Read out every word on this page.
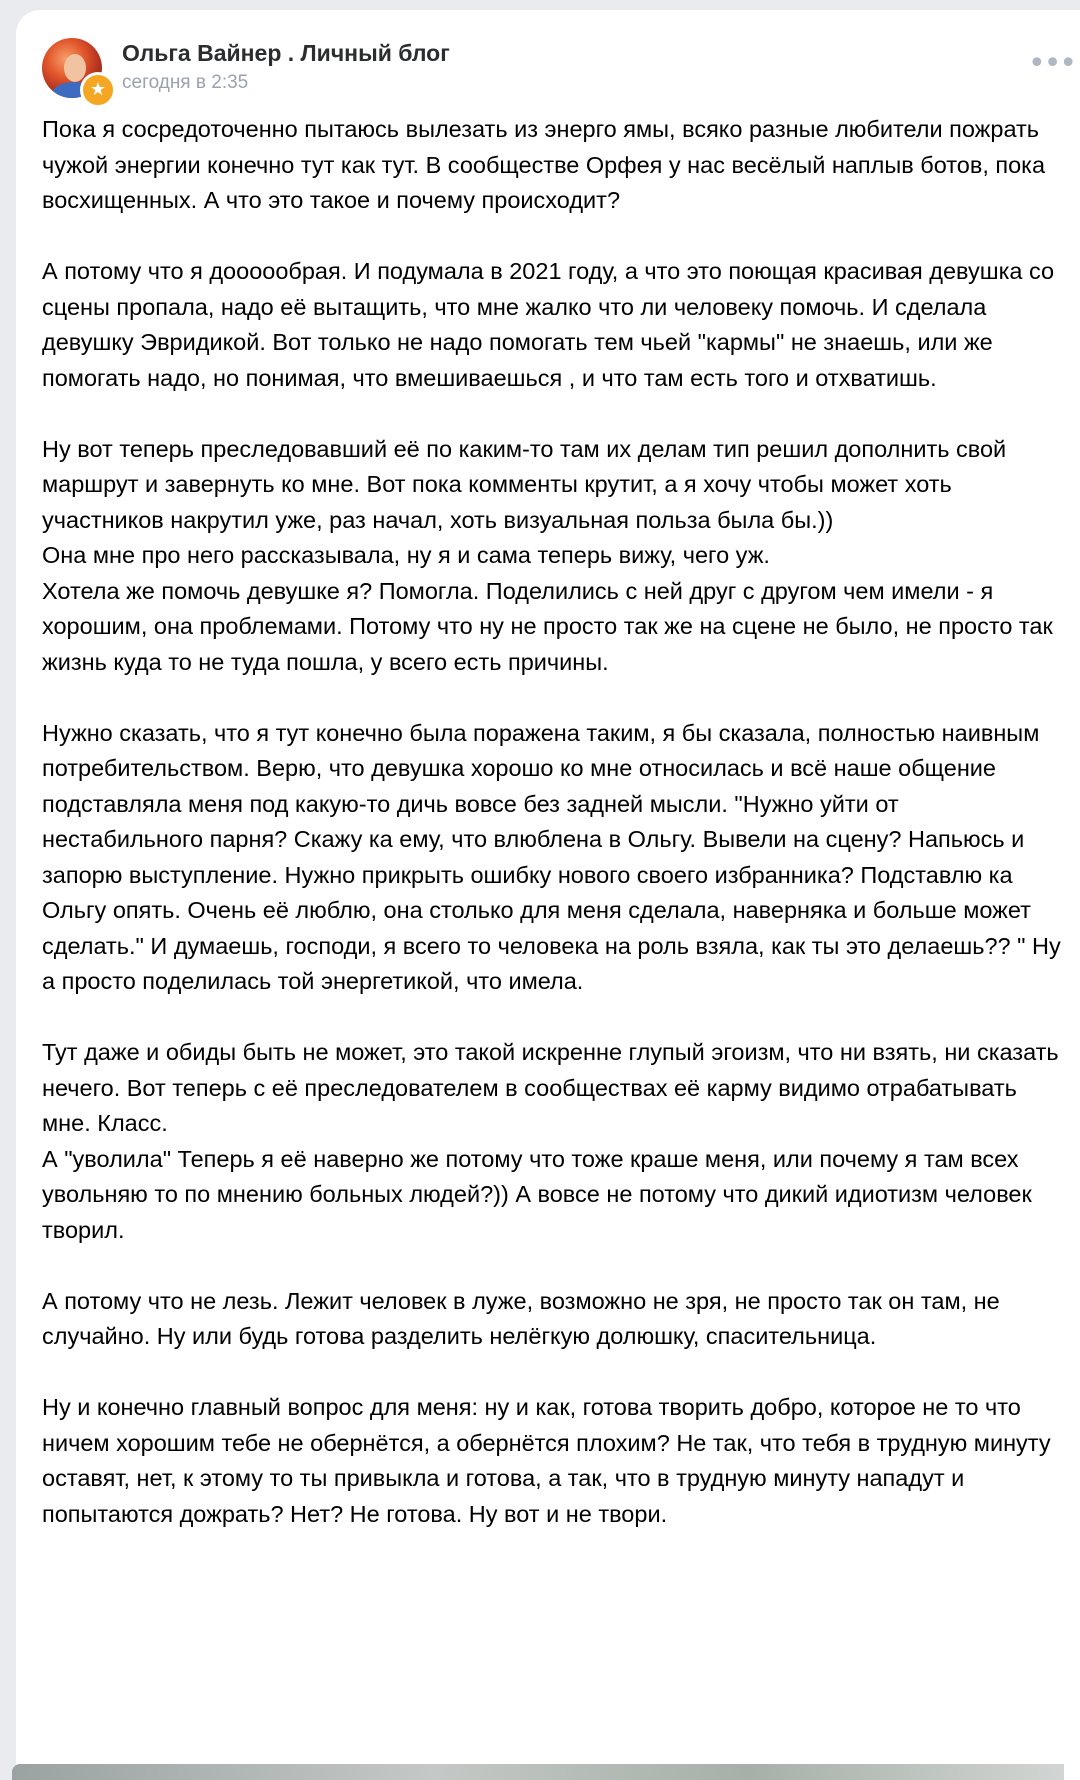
★
Ольга Вайнер . Личный блог
сегодня в 2:35
•••
Пока я сосредоточенно пытаюсь вылезать из энерго ямы, всяко разные любители пожрать чужой энергии конечно тут как тут. В сообществе Орфея у нас весёлый наплыв ботов, пока восхищенных. А что это такое и почему происходит?

А потому что я доооообрая. И подумала в 2021 году, а что это поющая красивая девушка со сцены пропала, надо её вытащить, что мне жалко что ли человеку помочь. И сделала девушку Эвридикой. Вот только не надо помогать тем чьей "кармы" не знаешь, или же помогать надо, но понимая, что вмешиваешься , и что там есть того и отхватишь.

Ну вот теперь преследовавший её по каким-то там их делам тип решил дополнить свой маршрут и завернуть ко мне. Вот пока комменты крутит, а я хочу чтобы может хоть участников накрутил уже, раз начал, хоть визуальная польза была бы.))
Она мне про него рассказывала, ну я и сама теперь вижу, чего уж.
Хотела же помочь девушке я? Помогла. Поделились с ней друг с другом чем имели - я хорошим, она проблемами. Потому что ну не просто так же на сцене не было, не просто так жизнь куда то не туда пошла, у всего есть причины.

Нужно сказать, что я тут конечно была поражена таким, я бы сказала, полностью наивным потребительством. Верю, что девушка хорошо ко мне относилась и всё наше общение подставляла меня под какую-то дичь вовсе без задней мысли. "Нужно уйти от нестабильного парня? Скажу ка ему, что влюблена в Ольгу. Вывели на сцену? Напьюсь и запорю выступление. Нужно прикрыть ошибку нового своего избранника? Подставлю ка Ольгу опять. Очень её люблю, она столько для меня сделала, наверняка и больше может сделать." И думаешь, господи, я всего то человека на роль взяла, как ты это делаешь?? " Ну а просто поделилась той энергетикой, что имела.

Тут даже и обиды быть не может, это такой искренне глупый эгоизм, что ни взять, ни сказать нечего. Вот теперь с её преследователем в сообществах её карму видимо отрабатывать мне. Класс.
А "уволила" Теперь я её наверно же потому что тоже краше меня, или почему я там всех увольняю то по мнению больных людей?)) А вовсе не потому что дикий идиотизм человек творил.

А потому что не лезь. Лежит человек в луже, возможно не зря, не просто так он там, не случайно. Ну или будь готова разделить нелёгкую долюшку, спасительница.

Ну и конечно главный вопрос для меня: ну и как, готова творить добро, которое не то что ничем хорошим тебе не обернётся, а обернётся плохим? Не так, что тебя в трудную минуту оставят, нет, к этому то ты привыкла и готова, а так, что в трудную минуту нападут и попытаются дожрать? Нет? Не готова. Ну вот и не твори.
